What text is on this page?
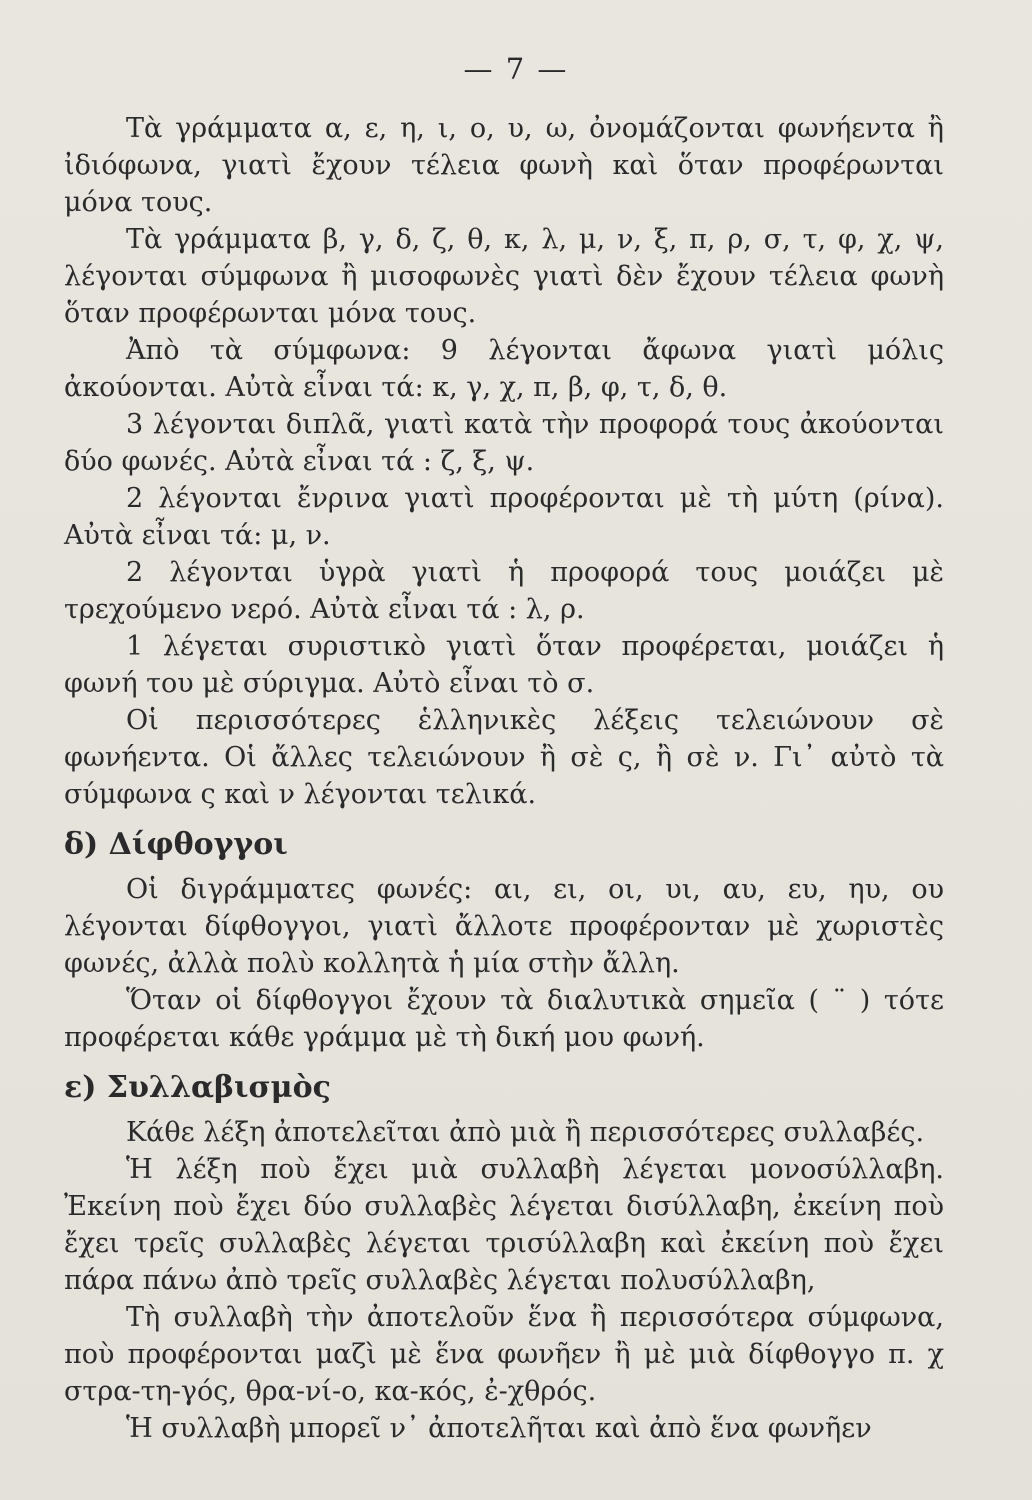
— 7 —

Τὰ γράμματα α, ε, η, ι, ο, υ, ω, ὀνομάζονται φωνήεντα ἢ ἰδιόφωνα, γιατὶ ἔχουν τέλεια φωνὴ καὶ ὅταν προφέρωνται μόνα τους.

Τὰ γράμματα β, γ, δ, ζ, θ, κ, λ, μ, ν, ξ, π, ρ, σ, τ, φ, χ, ψ, λέγονται σύμφωνα ἢ μισοφωνὲς γιατὶ δὲν ἔχουν τέλεια φωνὴ ὅταν προφέρωνται μόνα τους.

Ἀπὸ τὰ σύμφωνα: 9 λέγονται ἄφωνα γιατὶ μόλις ἀκούονται. Αὐτὰ εἶναι τά: κ, γ, χ, π, β, φ, τ, δ, θ.

3 λέγονται διπλᾶ, γιατὶ κατὰ τὴν προφορά τους ἀκούονται δύο φωνές. Αὐτὰ εἶναι τά : ζ, ξ, ψ.

2 λέγονται ἔνρινα γιατὶ προφέρονται μὲ τὴ μύτη (ρίνα). Αὐτὰ εἶναι τά: μ, ν.

2 λέγονται ὑγρὰ γιατὶ ἡ προφορά τους μοιάζει μὲ τρεχούμενο νερό. Αὐτὰ εἶναι τά : λ, ρ.

1 λέγεται συριστικὸ γιατὶ ὅταν προφέρεται, μοιάζει ἡ φωνή του μὲ σύριγμα. Αὐτὸ εἶναι τὸ σ.

Οἱ περισσότερες ἑλληνικὲς λέξεις τελειώνουν σὲ φωνήεντα. Οἱ ἄλλες τελειώνουν ἢ σὲ ς, ἢ σὲ ν. Γι᾽ αὐτὸ τὰ σύμφωνα ς καὶ ν λέγονται τελικά.

δ) Δίφθογγοι

Οἱ διγράμματες φωνές: αι, ει, οι, υι, αυ, ευ, ηυ, ου λέγονται δίφθογγοι, γιατὶ ἄλλοτε προφέρονταν μὲ χωριστὲς φωνές, ἀλλὰ πολὺ κολλητὰ ἡ μία στὴν ἄλλη.

Ὅταν οἱ δίφθογγοι ἔχουν τὰ διαλυτικὰ σημεῖα ( ¨ ) τότε προφέρεται κάθε γράμμα μὲ τὴ δική μου φωνή.

ε) Συλλαβισμὸς

Κάθε λέξη ἀποτελεῖται ἀπὸ μιὰ ἢ περισσότερες συλλαβές.

Ἡ λέξη ποὺ ἔχει μιὰ συλλαβὴ λέγεται μονοσύλλαβη. Ἐκείνη ποὺ ἔχει δύο συλλαβὲς λέγεται δισύλλαβη, ἐκείνη ποὺ ἔχει τρεῖς συλλαβὲς λέγεται τρισύλλαβη καὶ ἐκείνη ποὺ ἔχει πάρα πάνω ἀπὸ τρεῖς συλλαβὲς λέγεται πολυσύλλαβη,

Τὴ συλλαβὴ τὴν ἀποτελοῦν ἕνα ἢ περισσότερα σύμφωνα, ποὺ προφέρονται μαζὶ μὲ ἕνα φωνῆεν ἢ μὲ μιὰ δίφθογγο π. χ στρα-τη-γός, θρα-νί-ο, κα-κός, ἐ-χθρός.

Ἡ συλλαβὴ μπορεῖ ν᾽ ἀποτελῆται καὶ ἀπὸ ἕνα φωνῆεν
